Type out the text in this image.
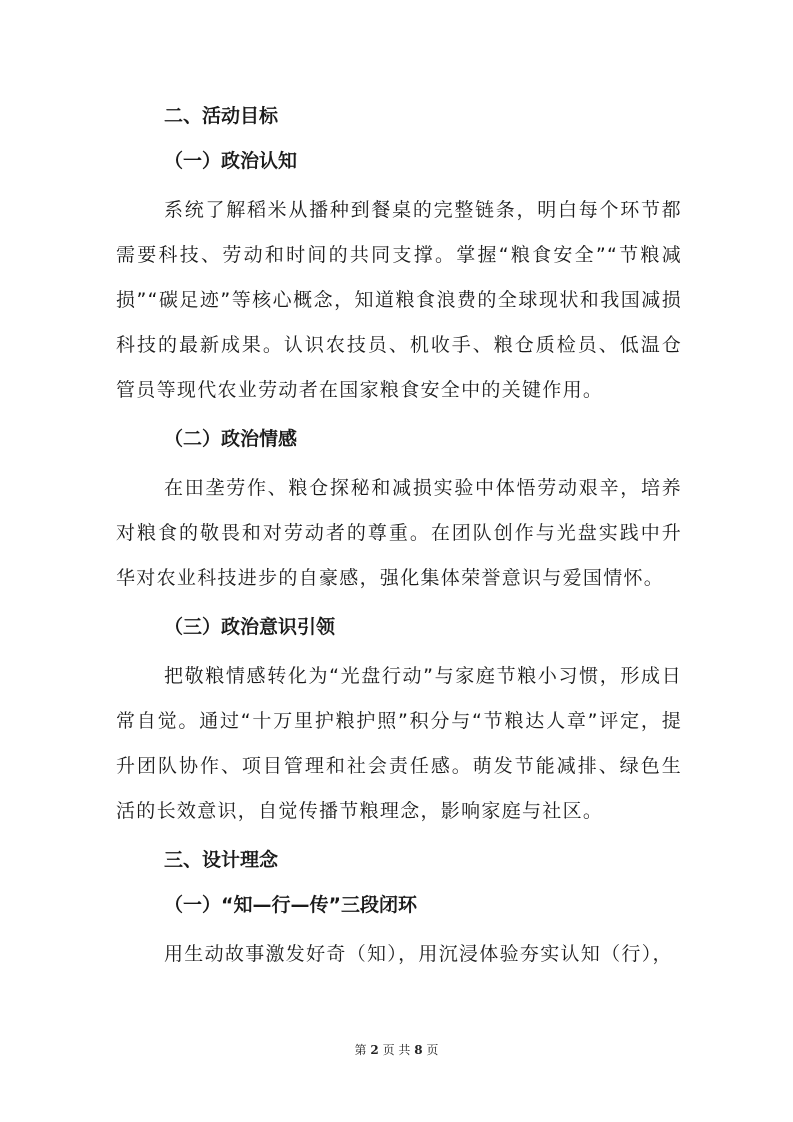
二、活动目标
（一）政治认知

系统了解稻米从播种到餐桌的完整链条，明白每个环节都需要科技、劳动和时间的共同支撑。掌握“粮食安全”“节粮减损”“碳足迹”等核心概念，知道粮食浪费的全球现状和我国减损科技的最新成果。认识农技员、机收手、粮仓质检员、低温仓管员等现代农业劳动者在国家粮食安全中的关键作用。

（二）政治情感

在田垄劳作、粮仓探秘和减损实验中体悟劳动艰辛，培养对粮食的敬畏和对劳动者的尊重。在团队创作与光盘实践中升华对农业科技进步的自豪感，强化集体荣誉意识与爱国情怀。

（三）政治意识引领

把敬粮情感转化为“光盘行动”与家庭节粮小习惯，形成日常自觉。通过“十万里护粮护照”积分与“节粮达人章”评定，提升团队协作、项目管理和社会责任感。萌发节能减排、绿色生活的长效意识，自觉传播节粮理念，影响家庭与社区。

三、设计理念
（一）“知—行—传”三段闭环

用生动故事激发好奇（知），用沉浸体验夯实认知（行），

第 2 页 共 8 页
